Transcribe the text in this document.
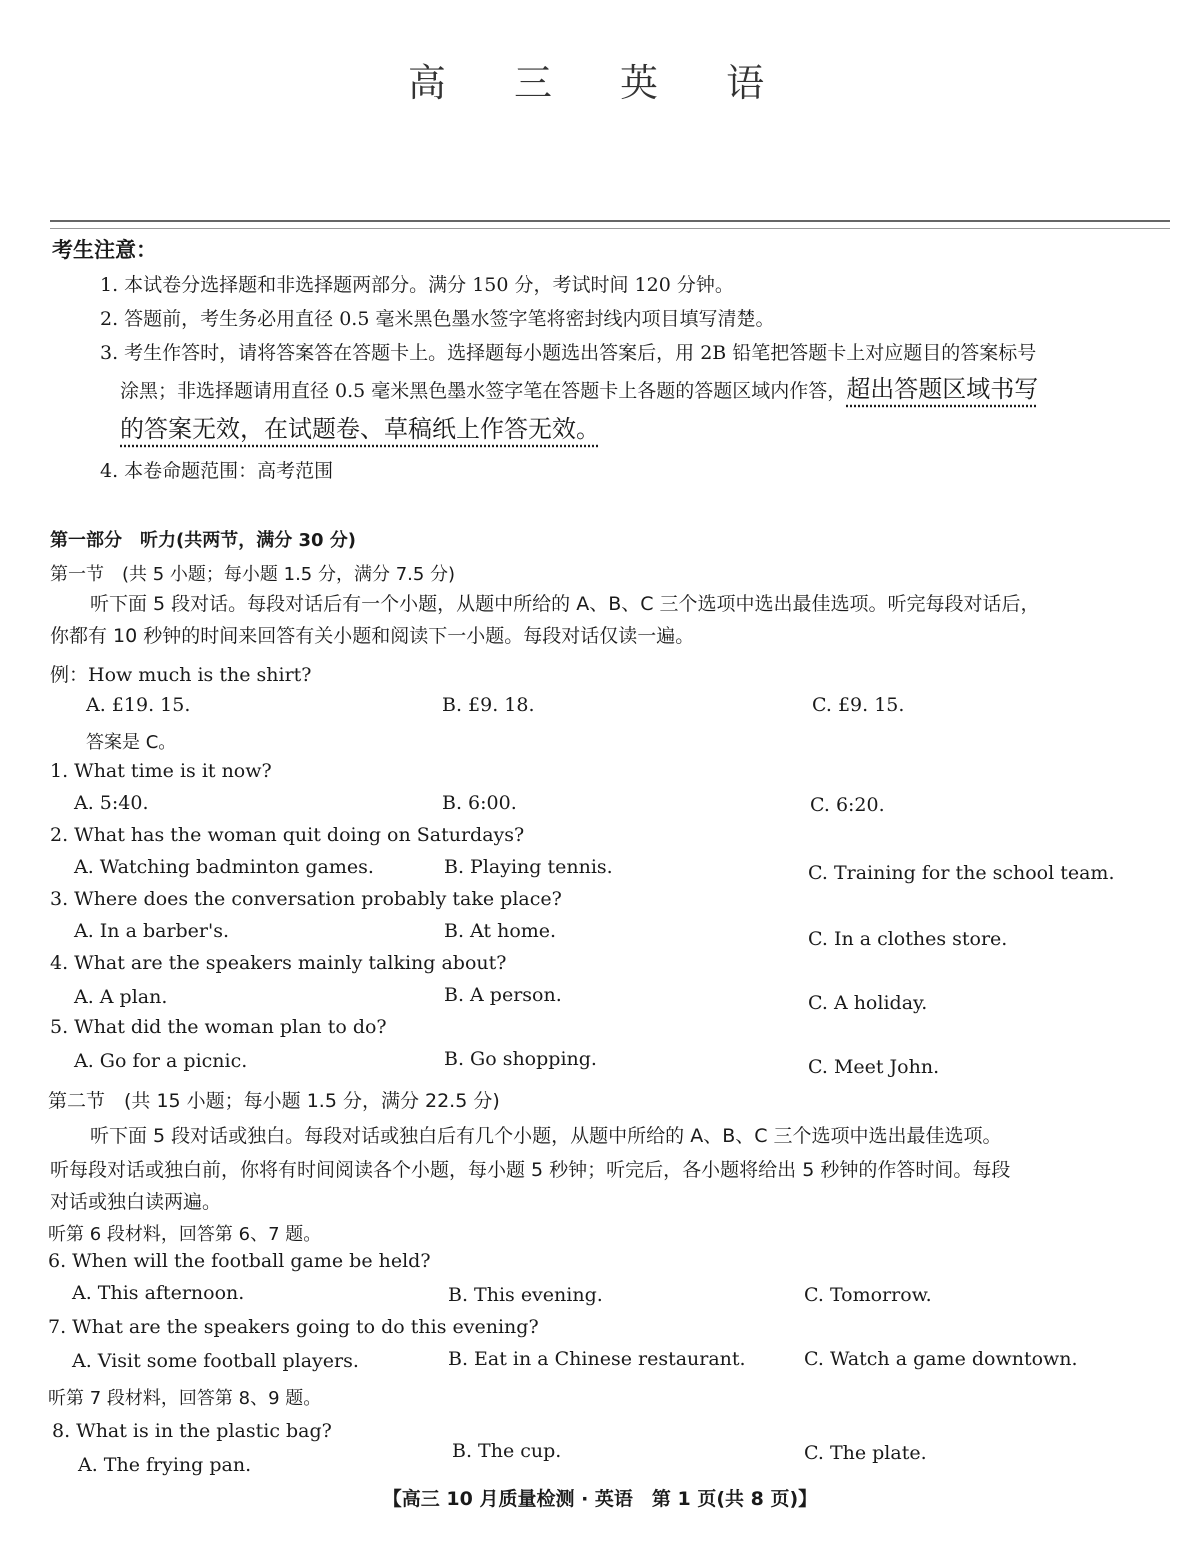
高 三 英 语
考生注意：
1. 本试卷分选择题和非选择题两部分。满分 150 分，考试时间 120 分钟。
2. 答题前，考生务必用直径 0.5 毫米黑色墨水签字笔将密封线内项目填写清楚。
3. 考生作答时，请将答案答在答题卡上。选择题每小题选出答案后，用 2B 铅笔把答题卡上对应题目的答案标号
涂黑；非选择题请用直径 0.5 毫米黑色墨水签字笔在答题卡上各题的答题区域内作答，超出答题区域书写
的答案无效，在试题卷、草稿纸上作答无效。
4. 本卷命题范围：高考范围
第一部分　听力(共两节，满分 30 分)
第一节　(共 5 小题；每小题 1.5 分，满分 7.5 分)
听下面 5 段对话。每段对话后有一个小题，从题中所给的 A、B、C 三个选项中选出最佳选项。听完每段对话后，
你都有 10 秒钟的时间来回答有关小题和阅读下一小题。每段对话仅读一遍。
例：How much is the shirt?
A. £19. 15.	B. £9. 18.	C. £9. 15.
答案是 C。
1. What time is it now?
A. 5:40.	B. 6:00.	C. 6:20.
2. What has the woman quit doing on Saturdays?
A. Watching badminton games.	B. Playing tennis.	C. Training for the school team.
3. Where does the conversation probably take place?
A. In a barber's.	B. At home.	C. In a clothes store.
4. What are the speakers mainly talking about?
A. A plan.	B. A person.	C. A holiday.
5. What did the woman plan to do?
A. Go for a picnic.	B. Go shopping.	C. Meet John.
第二节　(共 15 小题；每小题 1.5 分，满分 22.5 分)
听下面 5 段对话或独白。每段对话或独白后有几个小题，从题中所给的 A、B、C 三个选项中选出最佳选项。
听每段对话或独白前，你将有时间阅读各个小题，每小题 5 秒钟；听完后，各小题将给出 5 秒钟的作答时间。每段
对话或独白读两遍。
听第 6 段材料，回答第 6、7 题。
6. When will the football game be held?
A. This afternoon.	B. This evening.	C. Tomorrow.
7. What are the speakers going to do this evening?
A. Visit some football players.	B. Eat in a Chinese restaurant.	C. Watch a game downtown.
听第 7 段材料，回答第 8、9 题。
8. What is in the plastic bag?
A. The frying pan.
B. The cup.	C. The plate.
【高三 10 月质量检测 · 英语　第 1 页(共 8 页)】
